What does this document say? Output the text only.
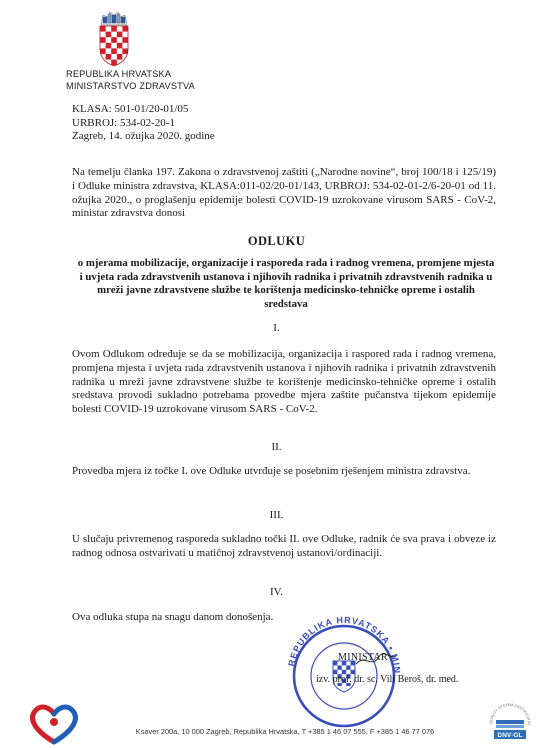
REPUBLIKA HRVATSKA
MINISTARSTVO ZDRAVSTVA
KLASA: 501-01/20-01/05
URBROJ: 534-02-20-1
Zagreb, 14. ožujka 2020. godine
Na temelju članka 197. Zakona o zdravstvenoj zaštiti („Narodne novine“, broj 100/18 i 125/19) i Odluke ministra zdravstva, KLASA:011-02/20-01/143, URBROJ: 534-02-01-2/6-20-01 od 11. ožujka 2020., o proglašenju epidemije bolesti COVID-19 uzrokovane virusom SARS - CoV-2, ministar zdravstva donosi
ODLUKU
o mjerama mobilizacije, organizacije i rasporeda rada i radnog vremena, promjene mjesta i uvjeta rada zdravstvenih ustanova i njihovih radnika i privatnih zdravstvenih radnika u mreži javne zdravstvene službe te korištenja medicinsko-tehničke opreme i ostalih sredstava
I.
Ovom Odlukom određuje se da se mobilizacija, organizacija i raspored rada i radnog vremena, promjena mjesta i uvjeta rada zdravstvenih ustanova i njihovih radnika i privatnih zdravstvenih radnika u mreži javne zdravstvene službe te korištenje medicinsko-tehničke opreme i ostalih sredstava provodi sukladno potrebama provedbe mjera zaštite pučanstva tijekom epidemije bolesti COVID-19 uzrokovane virusom SARS - CoV-2.
II.
Provedba mjera iz točke I. ove Odluke utvrđuje se posebnim rješenjem ministra zdravstva.
III.
U slučaju privremenog rasporeda sukladno točki II. ove Odluke, radnik će sva prava i obveze iz radnog odnosa ostvarivati u matičnoj zdravstvenoj ustanovi/ordinaciji.
IV.
Ova odluka stupa na snagu danom donošenja.
REPUBLIKA HRVATSKA • MIN
MINISTAR
izv. prof. dr. sc. Vili Beroš, dr. med.
Ksaver 200a, 10 000 Zagreb, Republika Hrvatska, T +385 1 46 07 555, F +385 1 46 77 076
QUALITY SYSTEM CERTIFICATIO
DNV·GL
